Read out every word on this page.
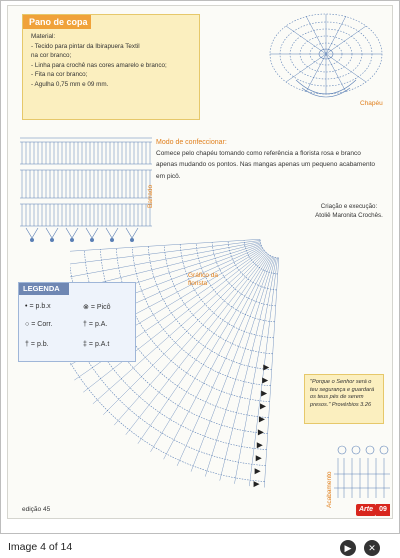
Pano de copa
Material:
- Tecido para pintar da Ibirapuera Textil
na cor branco;
- Linha para crochê nas cores amarelo e branco;
- Fita na cor branco;
- Agulha 0,75 mm e 09 mm.
Chapéu
Barrado
Modo de confeccionar:
Comece pelo chapéu tomando como referência a florista rosa e branco apenas mudando os pontos. Nas mangas apenas um pequeno acabamento em picô.
Criação e execução:
Atoliê Maronita Crochês.
Gráfico da
florista
LEGENDA
• = p.b.x	⊗ = Picô
○ = Corr.	† = p.A.
† = p.b.	‡ = p.A.t
"Porque o Senhor será o teu segurança e guardará os teus pés de serem presos." Provérbios 3.26
Acabamento
edição 45	Arte 09
Image 4 of 14	▶	✕
